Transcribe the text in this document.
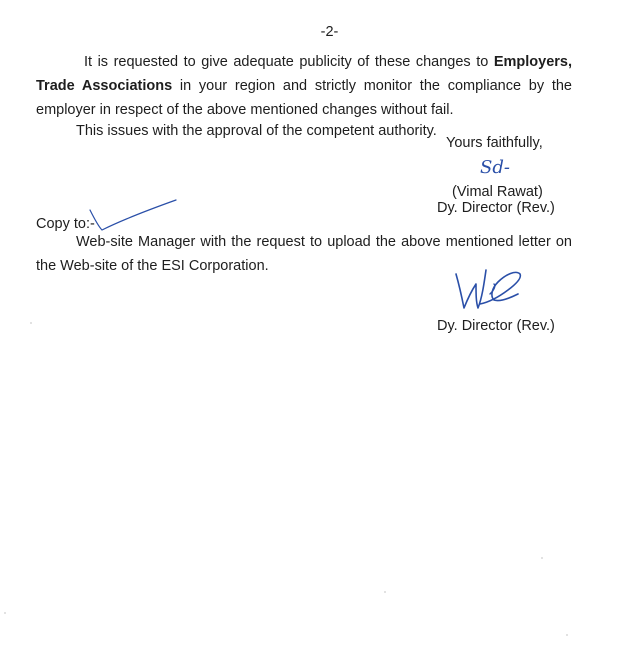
-2-
It is requested to give adequate publicity of these changes to Employers, Trade Associations in your region and strictly monitor the compliance by the employer in respect of the above mentioned changes without fail.
This issues with the approval of the competent authority.
Yours faithfully,
Sd-
(Vimal Rawat)
Dy. Director (Rev.)
Copy to:-
Web-site Manager with the request to upload the above mentioned letter on the Web-site of the ESI Corporation.
Dy. Director (Rev.)
